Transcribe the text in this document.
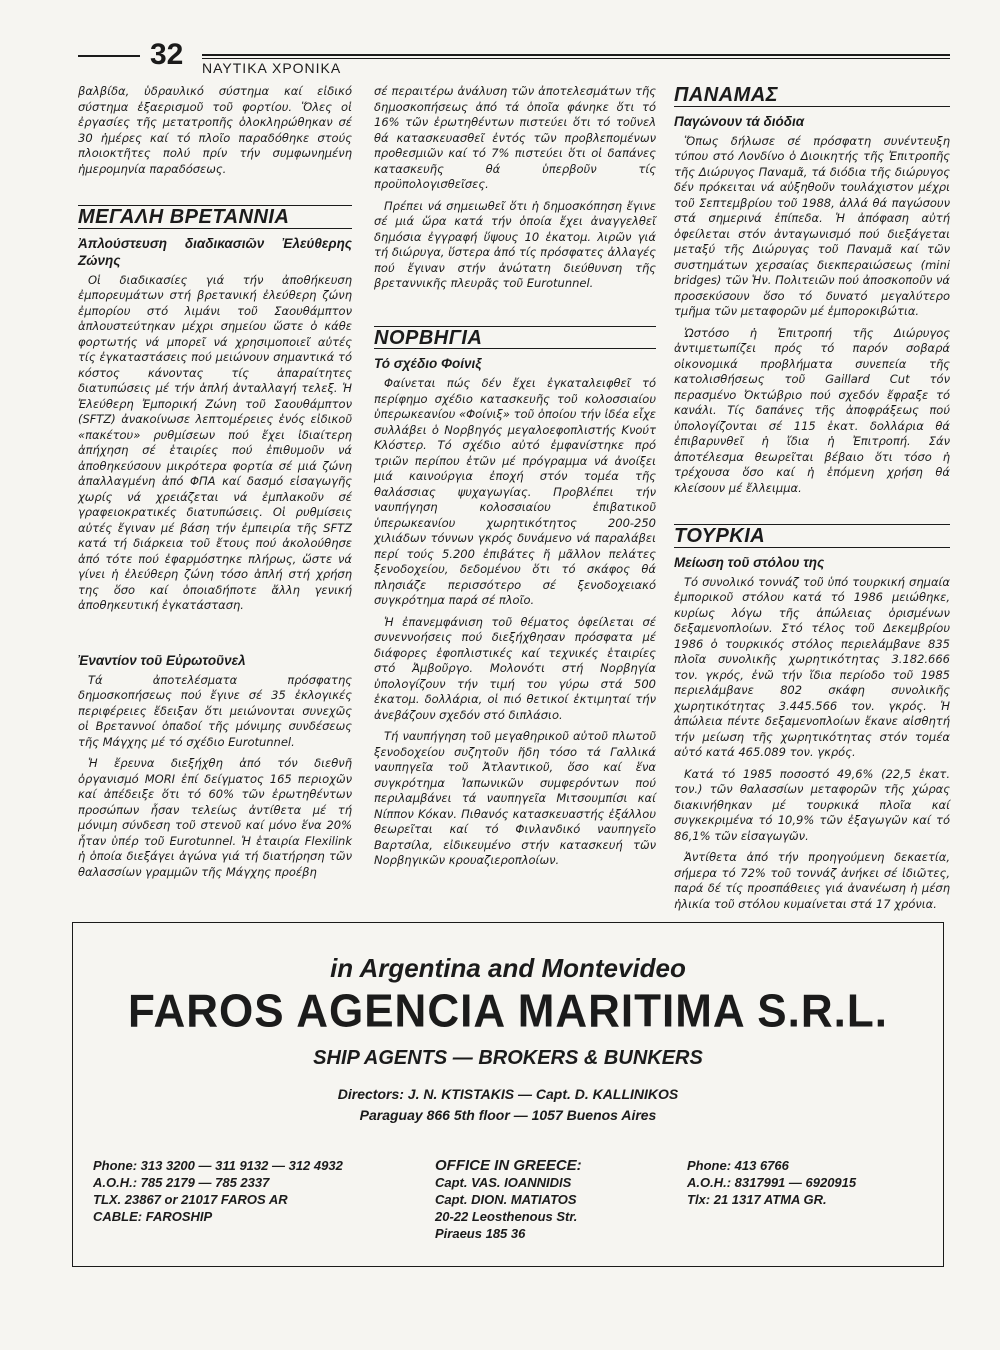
32 ΝΑΥΤΙΚΑ ΧΡΟΝΙΚΑ

βαλβίδα, ὑδραυλικό σύστημα καί εἰδικό σύστημα ἐξαερισμοῦ τοῦ φορτίου. Ὅλες οἱ ἐργασίες τῆς μετατροπῆς ὁλοκληρώθηκαν σέ 30 ἡμέρες καί τό πλοῖο παραδόθηκε στούς πλοιοκτῆτες πολύ πρίν τήν συμφωνημένη ἡμερομηνία παραδόσεως.

ΜΕΓΑΛΗ ΒΡΕΤΑΝΝΙΑ
Ἀπλούστευση διαδικασιῶν Ἐλεύθερης Ζώνης

Οἱ διαδικασίες γιά τήν ἀποθήκευση ἐμπορευμάτων στή βρετανική ἐλεύθερη ζώνη ἐμπορίου στό λιμάνι τοῦ Σαουθάμπτον ἁπλουστεύτηκαν μέχρι σημείου ὥστε ὁ κάθε φορτωτής νά μπορεῖ νά χρησιμοποιεῖ αὐτές τίς ἐγκαταστάσεις πού μειώνουν σημαντικά τό κόστος κάνοντας τίς ἀπαραίτητες διατυπώσεις μέ τήν ἁπλή ἀνταλλαγή τελεξ. Ἡ Ἐλεύθερη Ἐμπορική Ζώνη τοῦ Σαουθάμπτον (SFTZ) ἀνακοίνωσε λεπτομέρειες ἑνός εἰδικοῦ «πακέτου» ρυθμίσεων πού ἔχει ἰδιαίτερη ἀπήχηση σέ ἑταιρίες πού ἐπιθυμοῦν νά ἀποθηκεύσουν μικρότερα φορτία σέ μιά ζώνη ἀπαλλαγμένη ἀπό ΦΠΑ καί δασμό εἰσαγωγῆς χωρίς νά χρειάζεται νά ἐμπλακοῦν σέ γραφειοκρατικές διατυπώσεις. Οἱ ρυθμίσεις αὐτές ἔγιναν μέ βάση τήν ἐμπειρία τῆς SFTZ κατά τή διάρκεια τοῦ ἔτους πού ἀκολούθησε ἀπό τότε πού ἐφαρμόστηκε πλήρως, ὥστε νά γίνει ἡ ἐλεύθερη ζώνη τόσο ἁπλή στή χρήση της ὅσο καί ὁποιαδήποτε ἄλλη γενική ἀποθηκευτική ἐγκατάσταση.

Ἐναντίον τοῦ Εὐρωτοῦνελ

Τά ἀποτελέσματα πρόσφατης δημοσκοπήσεως πού ἔγινε σέ 35 ἐκλογικές περιφέρειες ἔδειξαν ὅτι μειώνονται συνεχῶς οἱ Βρεταννοί ὀπαδοί τῆς μόνιμης συνδέσεως τῆς Μάγχης μέ τό σχέδιο Eurotunnel.

Ἡ ἔρευνα διεξήχθη ἀπό τόν διεθνῆ ὀργανισμό MORI ἐπί δείγματος 165 περιοχῶν καί ἀπέδειξε ὅτι τό 60% τῶν ἐρωτηθέντων προσώπων ἦσαν τελείως ἀντίθετα μέ τή μόνιμη σύνδεση τοῦ στενοῦ καί μόνο ἕνα 20% ἦταν ὑπέρ τοῦ Eurotunnel. Ἡ ἑταιρία Flexilink ἡ ὁποία διεξάγει ἀγώνα γιά τή διατήρηση τῶν θαλασσίων γραμμῶν τῆς Μάγχης προέβη

σέ περαιτέρω ἀνάλυση τῶν ἀποτελεσμάτων τῆς δημοσκοπήσεως ἀπό τά ὁποῖα φάνηκε ὅτι τό 16% τῶν ἐρωτηθέντων πιστεύει ὅτι τό τοῦνελ θά κατασκευασθεῖ ἐντός τῶν προβλεπομένων προθεσμιῶν καί τό 7% πιστεύει ὅτι οἱ δαπάνες κατασκευῆς θά ὑπερβοῦν τίς προϋπολογισθεῖσες.

Πρέπει νά σημειωθεῖ ὅτι ἡ δημοσκόπηση ἔγινε σέ μιά ὥρα κατά τήν ὁποία ἔχει ἀναγγελθεῖ δημόσια ἐγγραφή ὕψους 10 ἑκατομ. λιρῶν γιά τή διώρυγα, ὕστερα ἀπό τίς πρόσφατες ἀλλαγές πού ἔγιναν στήν ἀνώτατη διεύθυνση τῆς βρεταννικῆς πλευρᾶς τοῦ Eurotunnel.

ΝΟΡΒΗΓΙΑ
Τό σχέδιο Φοίνιξ

Φαίνεται πώς δέν ἔχει ἐγκαταλειφθεῖ τό περίφημο σχέδιο κατασκευῆς τοῦ κολοσσιαίου ὑπερωκεανίου «Φοίνιξ» τοῦ ὁποίου τήν ἰδέα εἶχε συλλάβει ὁ Νορβηγός μεγαλοεφοπλιστής Κνούτ Κλόστερ. Τό σχέδιο αὐτό ἐμφανίστηκε πρό τριῶν περίπου ἐτῶν μέ πρόγραμμα νά ἀνοίξει μιά καινούργια ἐποχή στόν τομέα τῆς θαλάσσιας ψυχαγωγίας. Προβλέπει τήν ναυπήγηση κολοσσιαίου ἐπιβατικοῦ ὑπερωκεανίου χωρητικότητος 200-250 χιλιάδων τόννων γκρός δυνάμενο νά παραλάβει περί τούς 5.200 ἐπιβάτες ἤ μᾶλλον πελάτες ξενοδοχείου, δεδομένου ὅτι τό σκάφος θά πλησιάζε περισσότερο σέ ξενοδοχειακό συγκρότημα παρά σέ πλοῖο.

Ἡ ἐπανεμφάνιση τοῦ θέματος ὀφείλεται σέ συνεννοήσεις πού διεξήχθησαν πρόσφατα μέ διάφορες ἐφοπλιστικές καί τεχνικές ἑταιρίες στό Ἀμβοῦργο. Μολονότι στή Νορβηγία ὑπολογίζουν τήν τιμή του γύρω στά 500 ἑκατομ. δολλάρια, οἱ πιό θετικοί ἐκτιμηταί τήν ἀνεβάζουν σχεδόν στό διπλάσιο.

Τή ναυπήγηση τοῦ μεγαθηρικοῦ αὐτοῦ πλωτοῦ ξενοδοχείου συζητοῦν ἤδη τόσο τά Γαλλικά ναυπηγεῖα τοῦ Ἀτλαντικοῦ, ὅσο καί ἕνα συγκρότημα Ἰαπωνικῶν συμφερόντων πού περιλαμβάνει τά ναυπηγεῖα Μιτσουμπίσι καί Νίππον Κόκαν. Πιθανός κατασκευαστής ἐξάλλου θεωρεῖται καί τό Φινλανδικό ναυπηγεῖο Βαρτσίλα, εἰδικευμένο στήν κατασκευή τῶν Νορβηγικῶν κρουαζιεροπλοίων.

ΠΑΝΑΜΑΣ
Παγώνουν τά διόδια

Ὅπως δήλωσε σέ πρόσφατη συνέντευξη τύπου στό Λονδίνο ὁ Διοικητής τῆς Ἐπιτροπῆς τῆς Διώρυγος Παναμᾶ, τά διόδια τῆς διώρυγος δέν πρόκειται νά αὐξηθοῦν τουλάχιστον μέχρι τοῦ Σεπτεμβρίου τοῦ 1988, ἀλλά θά παγώσουν στά σημερινά ἐπίπεδα. Ἡ ἀπόφαση αὐτή ὀφείλεται στόν ἀνταγωνισμό πού διεξάγεται μεταξύ τῆς Διώρυγας τοῦ Παναμᾶ καί τῶν συστημάτων χερσαίας διεκπεραιώσεως (mini bridges) τῶν Ἡν. Πολιτειῶν πού ἀποσκοποῦν νά προσεκύσουν ὅσο τό δυνατό μεγαλύτερο τμῆμα τῶν μεταφορῶν μέ ἐμποροκιβώτια.

Ὡστόσο ἡ Ἐπιτροπή τῆς Διώρυγος ἀντιμετωπίζει πρός τό παρόν σοβαρά οἰκονομικά προβλήματα συνεπεία τῆς κατολισθήσεως τοῦ Gaillard Cut τόν περασμένο Ὀκτώβριο πού σχεδόν ἔφραξε τό κανάλι. Τίς δαπάνες τῆς ἀποφράξεως πού ὑπολογίζονται σέ 115 ἑκατ. δολλάρια θά ἐπιβαρυνθεῖ ἡ ἴδια ἡ Ἐπιτροπή. Σάν ἀποτέλεσμα θεωρεῖται βέβαιο ὅτι τόσο ἡ τρέχουσα ὅσο καί ἡ ἑπόμενη χρήση θά κλείσουν μέ ἔλλειμμα.

ΤΟΥΡΚΙΑ
Μείωση τοῦ στόλου της

Τό συνολικό τοννάζ τοῦ ὑπό τουρκική σημαία ἐμπορικοῦ στόλου κατά τό 1986 μειώθηκε, κυρίως λόγω τῆς ἀπώλειας ὁρισμένων δεξαμενοπλοίων. Στό τέλος τοῦ Δεκεμβρίου 1986 ὁ τουρκικός στόλος περιελάμβανε 835 πλοῖα συνολικῆς χωρητικότητας 3.182.666 τον. γκρός, ἐνῶ τήν ἴδια περίοδο τοῦ 1985 περιελάμβανε 802 σκάφη συνολικῆς χωρητικότητας 3.445.566 τον. γκρός. Ἡ ἀπώλεια πέντε δεξαμενοπλοίων ἔκανε αἰσθητή τήν μείωση τῆς χωρητικότητας στόν τομέα αὐτό κατά 465.089 τον. γκρός.

Κατά τό 1985 ποσοστό 49,6% (22,5 ἑκατ. τον.) τῶν θαλασσίων μεταφορῶν τῆς χώρας διακινήθηκαν μέ τουρκικά πλοῖα καί συγκεκριμένα τό 10,9% τῶν ἐξαγωγῶν καί τό 86,1% τῶν εἰσαγωγῶν.

Ἀντίθετα ἀπό τήν προηγούμενη δεκαετία, σήμερα τό 72% τοῦ τοννάζ ἀνήκει σέ ἰδιῶτες, παρά δέ τίς προσπάθειες γιά ἀνανέωση ἡ μέση ἡλικία τοῦ στόλου κυμαίνεται στά 17 χρόνια.

in Argentina and Montevideo
FAROS AGENCIA MARITIMA S.R.L.
SHIP AGENTS — BROKERS & BUNKERS
Directors: J. N. KTISTAKIS — Capt. D. KALLINIKOS
Paraguay 866 5th floor — 1057 Buenos Aires
Phone: 313 3200 — 311 9132 — 312 4932
A.O.H.: 785 2179 — 785 2337
TLX. 23867 or 21017 FAROS AR
CABLE: FAROSHIP
OFFICE IN GREECE:
Capt. VAS. IOANNIDIS
Capt. DION. MATIATOS
20-22 Leosthenous Str.
Piraeus 185 36
Phone: 413 6766
A.O.H.: 8317991 — 6920915
Tlx: 21 1317 ATMA GR.
